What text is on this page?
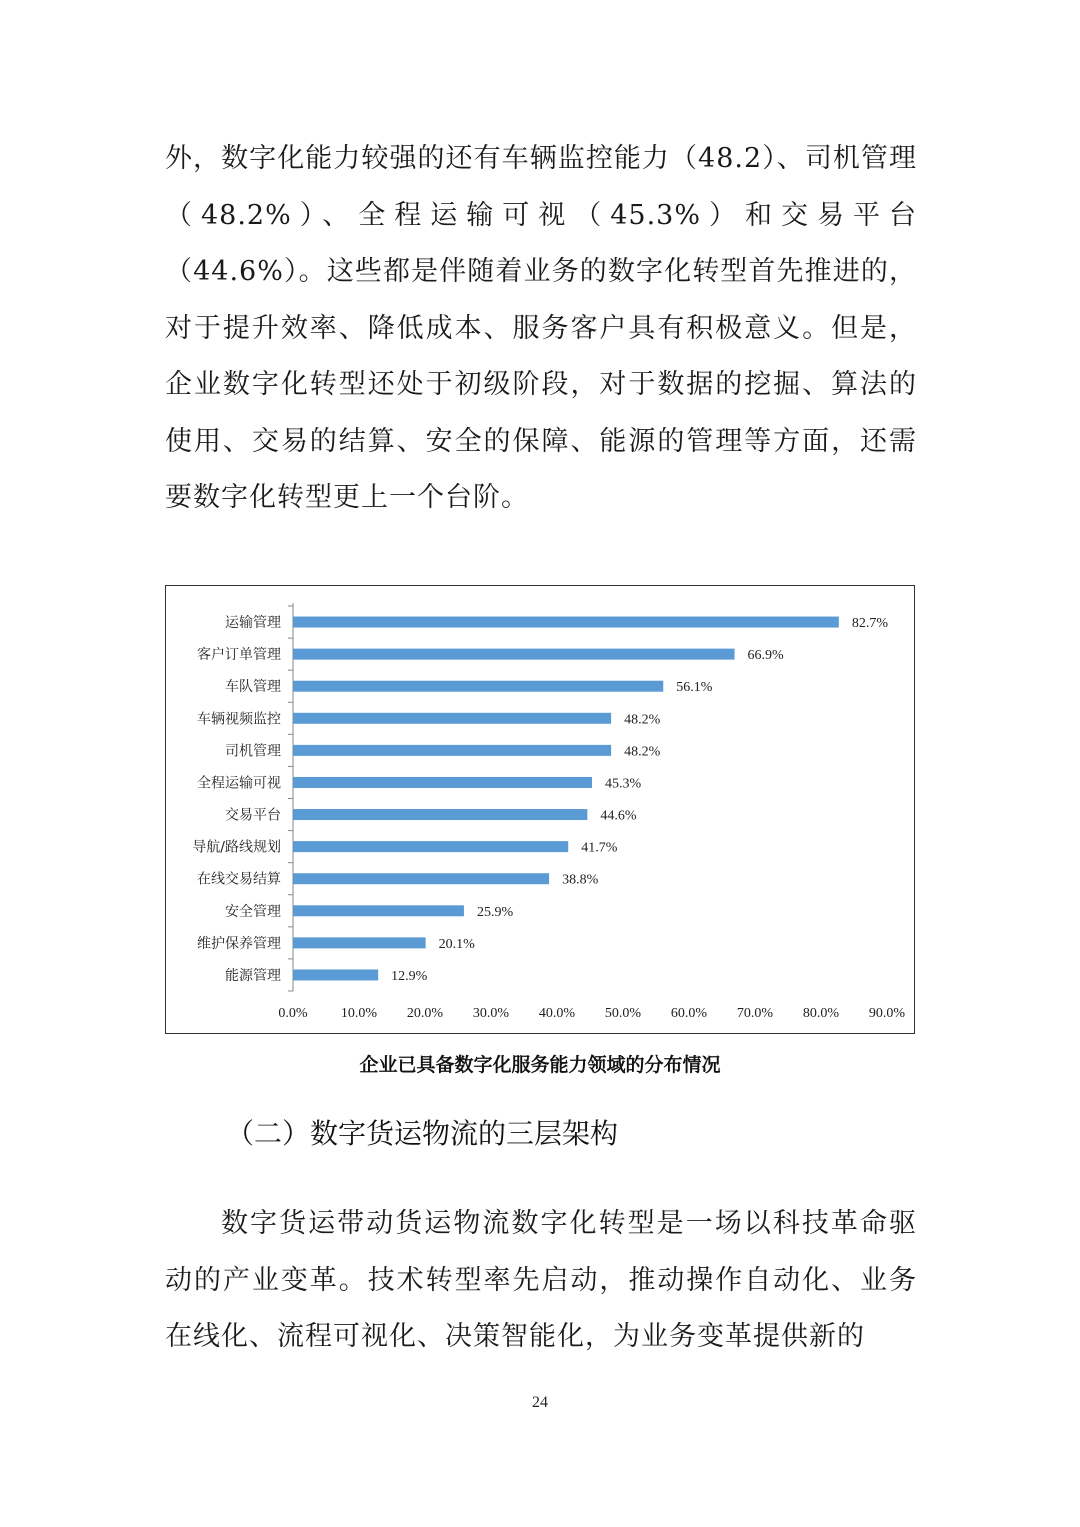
外，数字化能力较强的还有车辆监控能力（48.2）、司机管理（48.2%）、全程运输可视（45.3%）和交易平台（44.6%）。这些都是伴随着业务的数字化转型首先推进的，对于提升效率、降低成本、服务客户具有积极意义。但是，企业数字化转型还处于初级阶段，对于数据的挖掘、算法的使用、交易的结算、安全的保障、能源的管理等方面，还需要数字化转型更上一个台阶。

运输管理	82.7%
客户订单管理	66.9%
车队管理	56.1%
车辆视频监控	48.2%
司机管理	48.2%
全程运输可视	45.3%
交易平台	44.6%
导航/路线规划	41.7%
在线交易结算	38.8%
安全管理	25.9%
维护保养管理	20.1%
能源管理	12.9%
0.0% 10.0% 20.0% 30.0% 40.0% 50.0% 60.0% 70.0% 80.0% 90.0%
企业已具备数字化服务能力领域的分布情况
（二）数字货运物流的三层架构

数字货运带动货运物流数字化转型是一场以科技革命驱动的产业变革。技术转型率先启动，推动操作自动化、业务在线化、流程可视化、决策智能化，为业务变革提供新的

24
